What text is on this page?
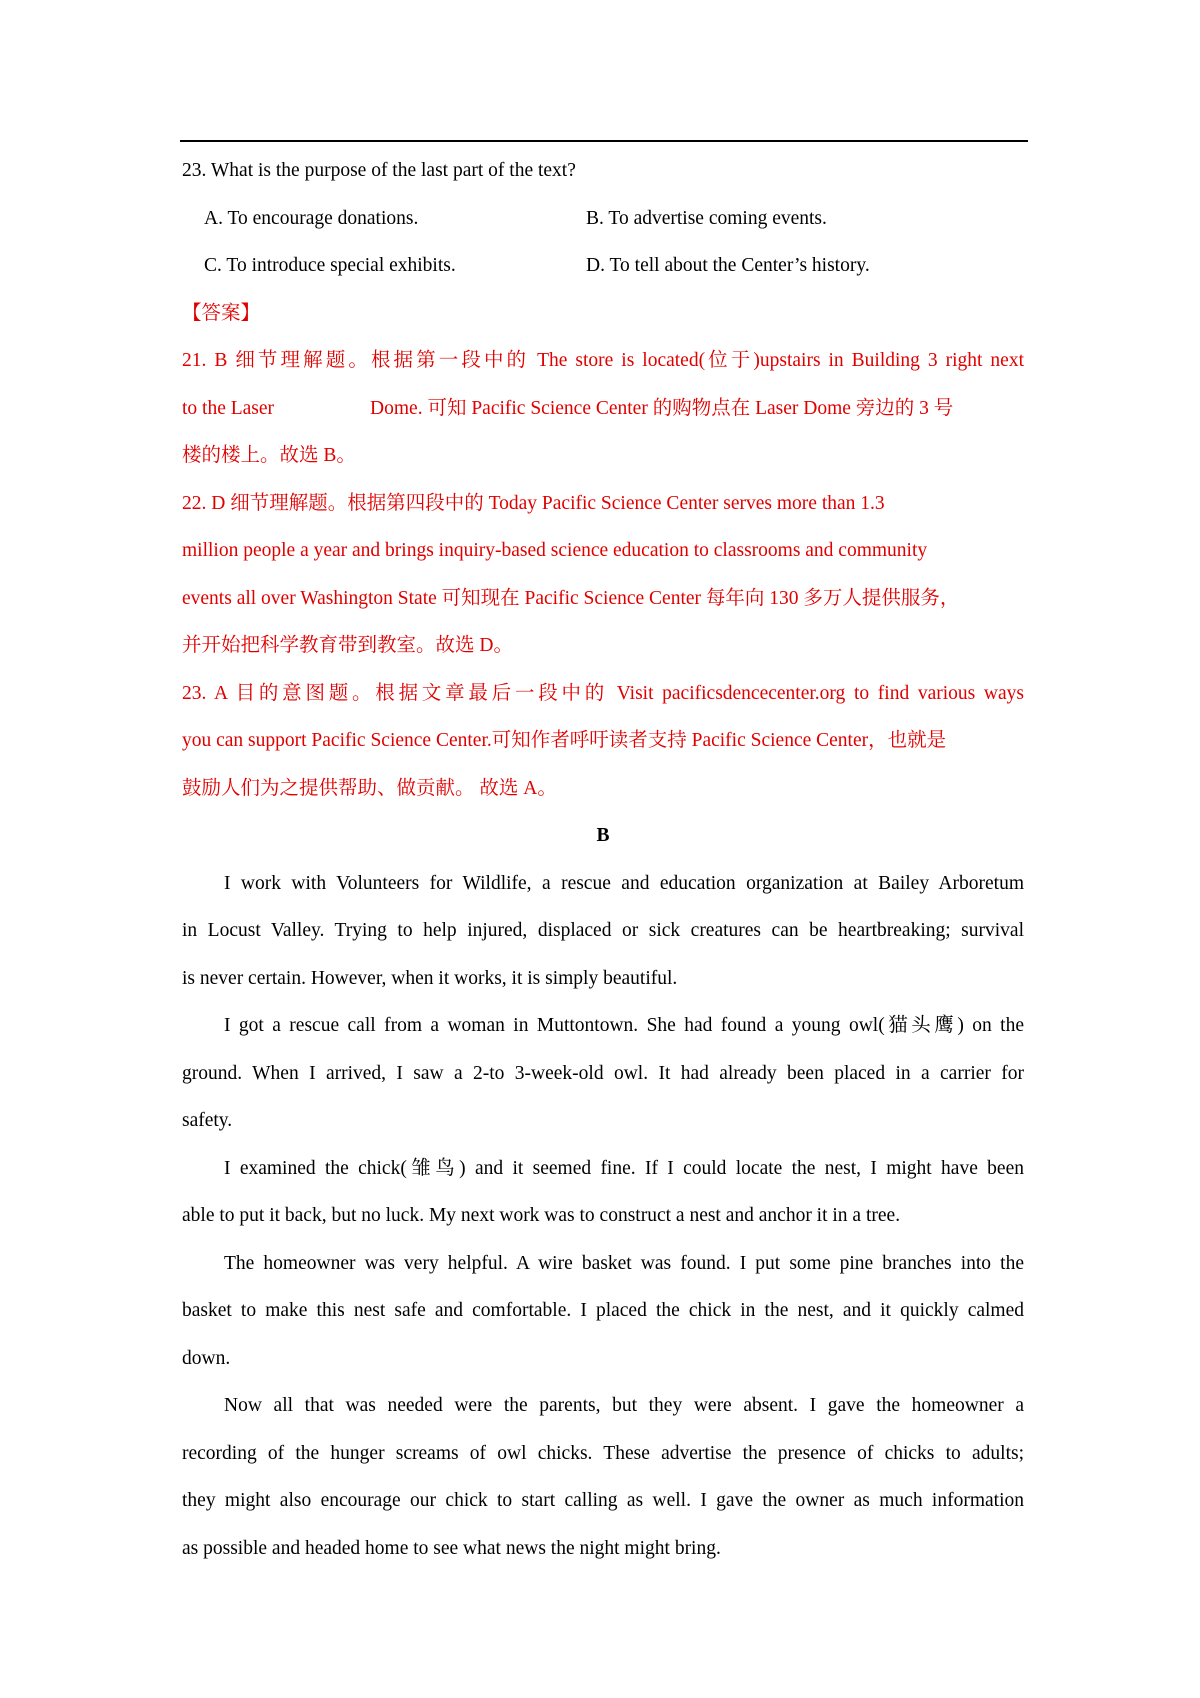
23. What is the purpose of the last part of the text?
A. To encourage donations.	B. To advertise coming events.
C. To introduce special exhibits.	D. To tell about the Center’s history.
【答案】
21. B 细节理解题。根据第一段中的 The store is located(位于)upstairs in Building 3 right next
to the Laser	Dome. 可知 Pacific Science Center 的购物点在 Laser Dome 旁边的 3 号
楼的楼上。故选 B。
22. D 细节理解题。根据第四段中的 Today Pacific Science Center serves more than 1.3
million people a year and brings inquiry-based science education to classrooms and community
events all over Washington State 可知现在 Pacific Science Center 每年向 130 多万人提供服务，
并开始把科学教育带到教室。故选 D。
23. A 目的意图题。根据文章最后一段中的 Visit pacificsdencecenter.org to find various ways
you can support Pacific Science Center.可知作者呼吁读者支持 Pacific Science Center，也就是
鼓励人们为之提供帮助、做贡献。 故选 A。
B
I work with Volunteers for Wildlife, a rescue and education organization at Bailey Arboretum
in Locust Valley. Trying to help injured, displaced or sick creatures can be heartbreaking; survival
is never certain. However, when it works, it is simply beautiful.
I got a rescue call from a woman in Muttontown. She had found a young owl(猫头鹰) on the
ground. When I arrived, I saw a 2-to 3-week-old owl. It had already been placed in a carrier for
safety.
I examined the chick(雏鸟) and it seemed fine. If I could locate the nest, I might have been
able to put it back, but no luck. My next work was to construct a nest and anchor it in a tree.
The homeowner was very helpful. A wire basket was found. I put some pine branches into the
basket to make this nest safe and comfortable. I placed the chick in the nest, and it quickly calmed
down.
Now all that was needed were the parents, but they were absent. I gave the homeowner a
recording of the hunger screams of owl chicks. These advertise the presence of chicks to adults;
they might also encourage our chick to start calling as well. I gave the owner as much information
as possible and headed home to see what news the night might bring.
